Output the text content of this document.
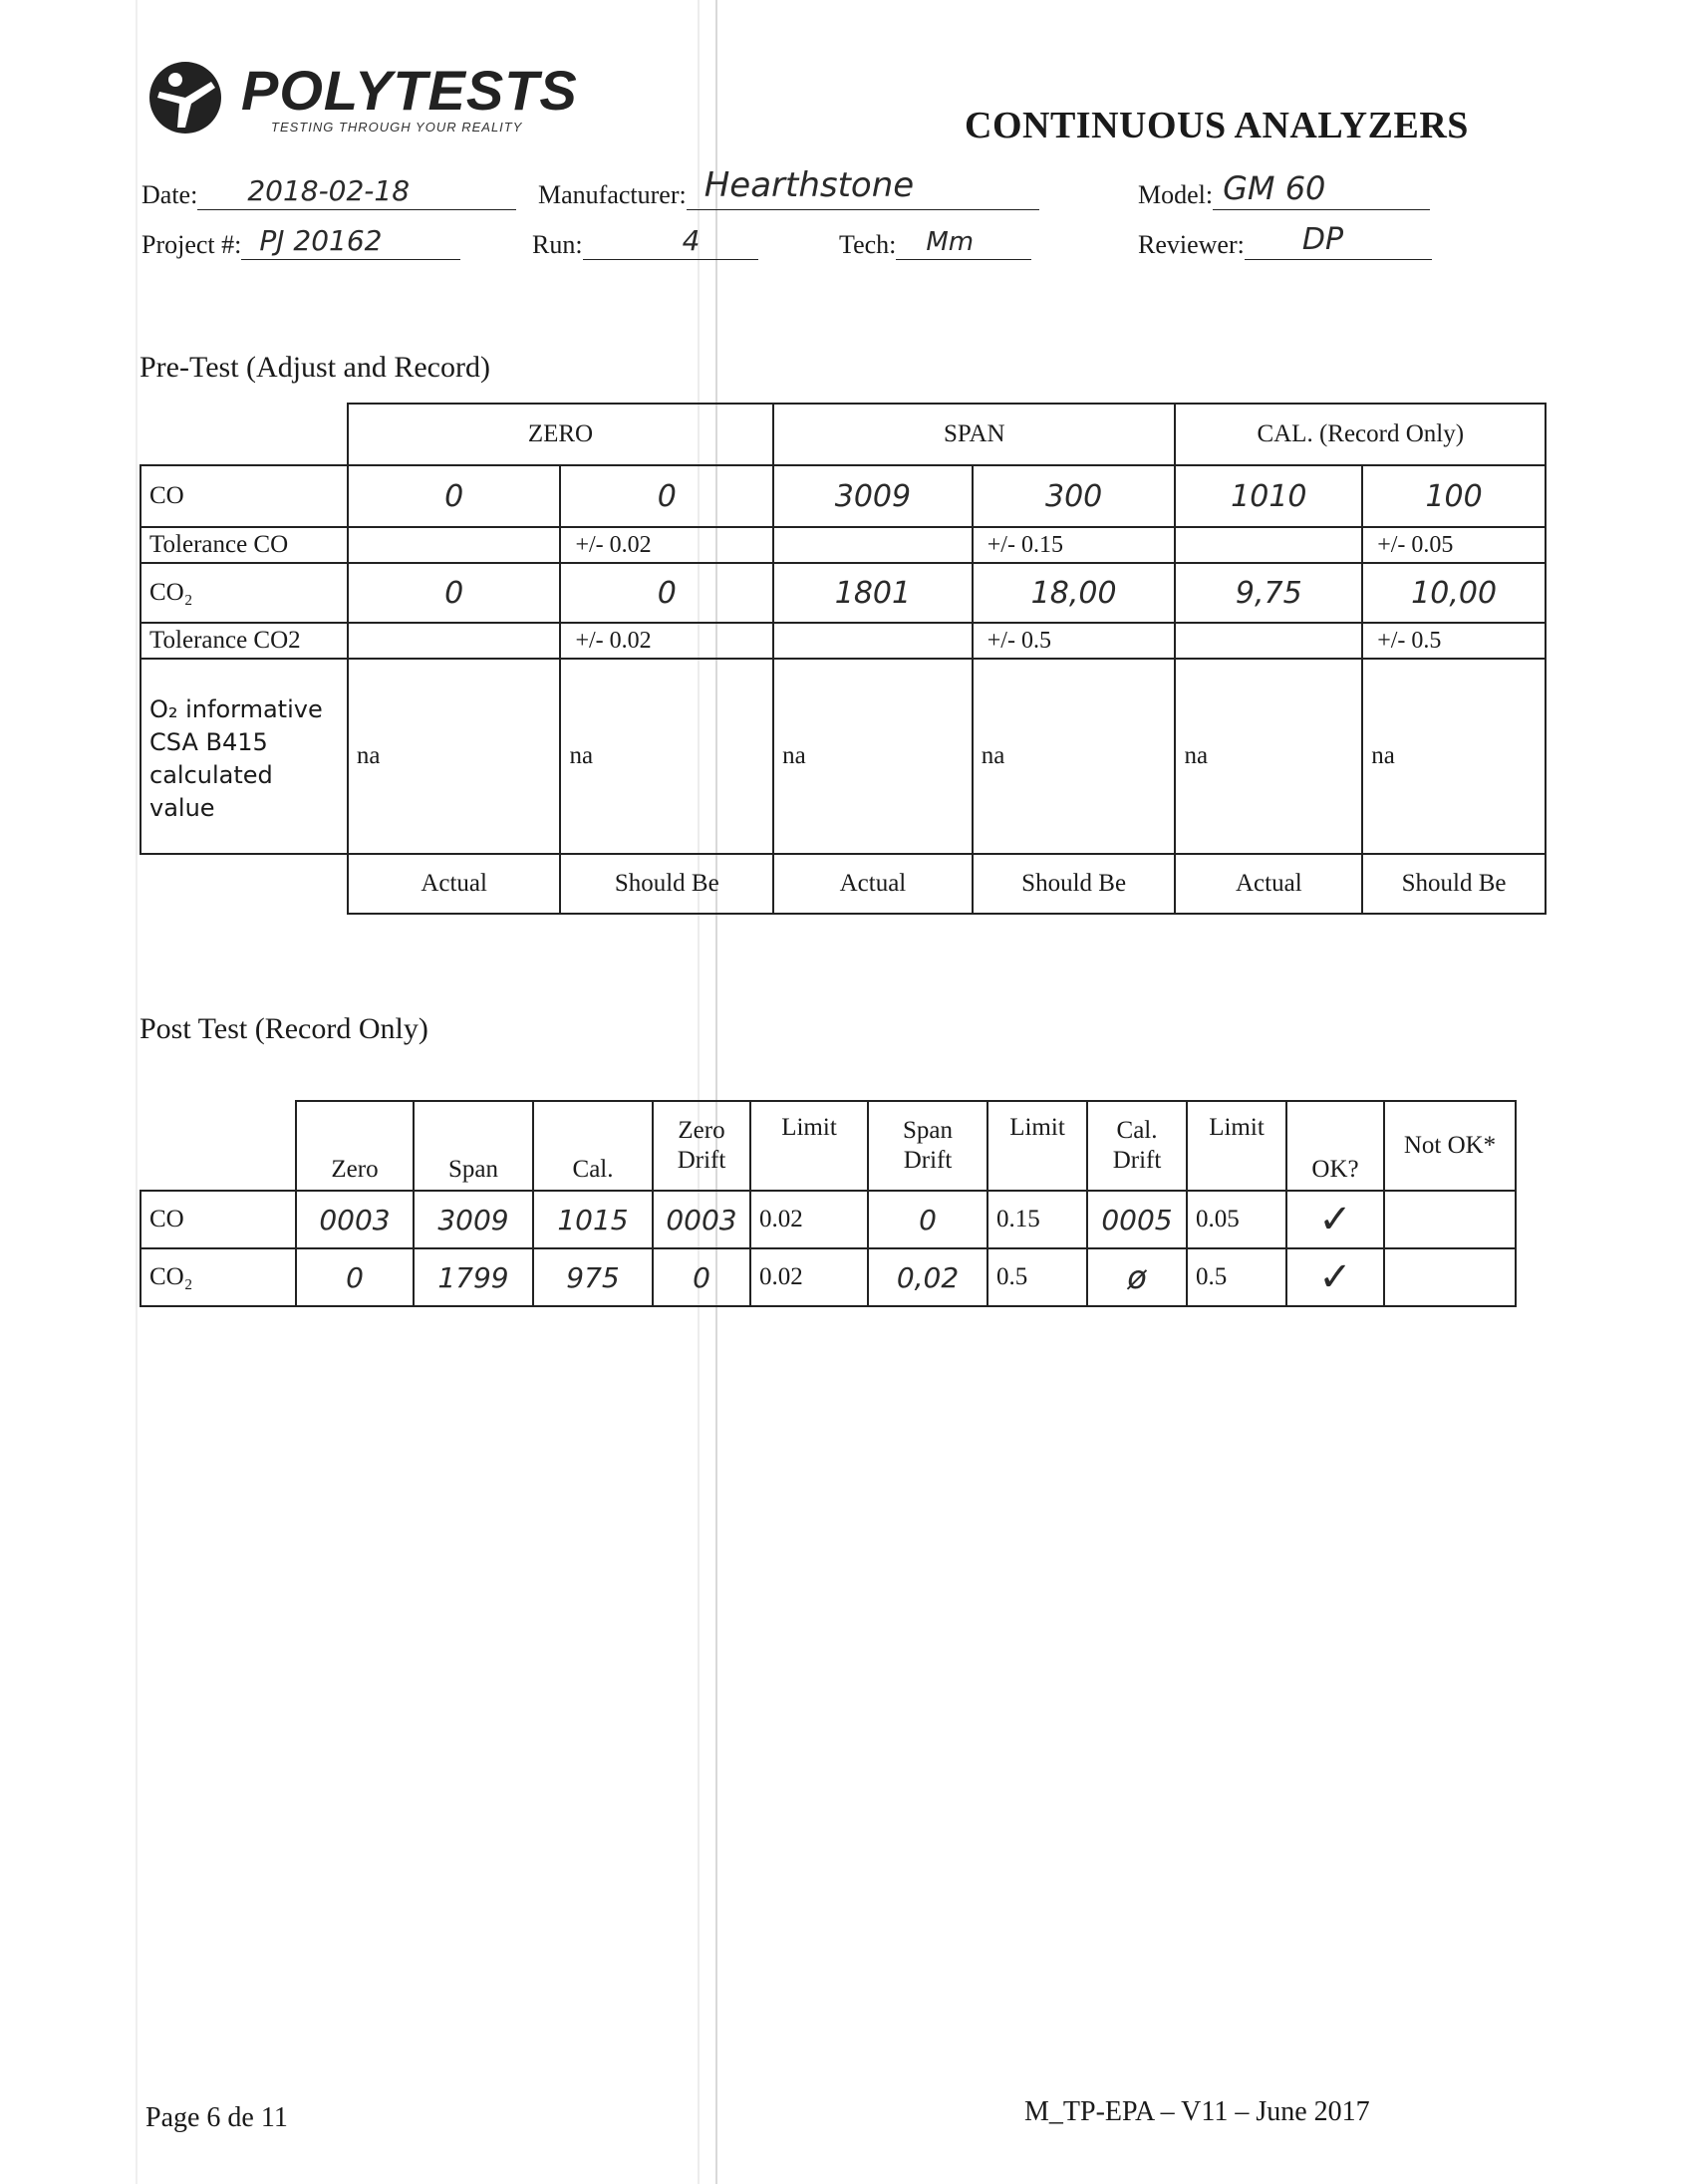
POLYTESTS
TESTING THROUGH YOUR REALITY	CONTINUOUS ANALYZERS
Date: 2018-02-18	Manufacturer: Hearthstone	Model: GM 60
Project #: PJ 20162	Run:	4	Tech: Mm	Reviewer: DP
Pre-Test (Adjust and Record)
	ZERO		SPAN		CAL. (Record Only)	
CO	0	0	3009	300	1010	100
Tolerance CO		+/- 0.02		+/- 0.15		+/- 0.05
CO₂	0	0	1801	18,00	9,75	10,00
Tolerance CO2		+/- 0.02		+/- 0.5		+/- 0.5
O₂ informative CSA B415 calculated value	na	na	na	na	na	na
	Actual	Should Be	Actual	Should Be	Actual	Should Be
Post Test (Record Only)
	Zero	Span	Cal.	Zero Drift	Limit	Span Drift	Limit	Cal. Drift	Limit	OK?	Not OK*
CO	0003	3009	1015	0003	0.02	0	0.15	0005	0.05	✓	
CO₂	0	1799	975	0	0.02	0,02	0.5	ø	0.5	✓	
Page 6 de 11	M_TP-EPA – V11 – June 2017
